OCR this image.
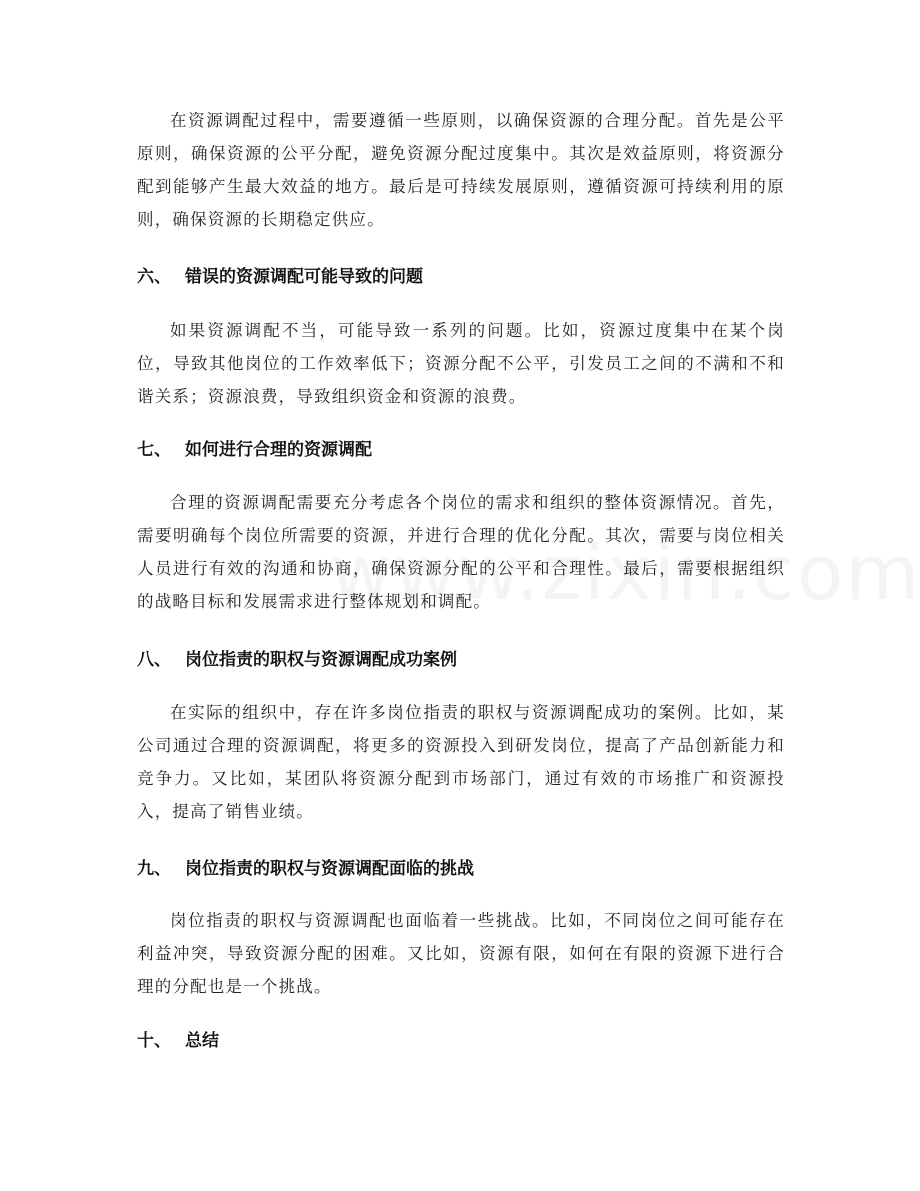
在资源调配过程中，需要遵循一些原则，以确保资源的合理分配。首先是公平原则，确保资源的公平分配，避免资源分配过度集中。其次是效益原则，将资源分配到能够产生最大效益的地方。最后是可持续发展原则，遵循资源可持续利用的原则，确保资源的长期稳定供应。

六、 错误的资源调配可能导致的问题

如果资源调配不当，可能导致一系列的问题。比如，资源过度集中在某个岗位，导致其他岗位的工作效率低下；资源分配不公平，引发员工之间的不满和不和谐关系；资源浪费，导致组织资金和资源的浪费。

七、 如何进行合理的资源调配

合理的资源调配需要充分考虑各个岗位的需求和组织的整体资源情况。首先，需要明确每个岗位所需要的资源，并进行合理的优化分配。其次，需要与岗位相关人员进行有效的沟通和协商，确保资源分配的公平和合理性。最后，需要根据组织的战略目标和发展需求进行整体规划和调配。

八、 岗位指责的职权与资源调配成功案例

在实际的组织中，存在许多岗位指责的职权与资源调配成功的案例。比如，某公司通过合理的资源调配，将更多的资源投入到研发岗位，提高了产品创新能力和竞争力。又比如，某团队将资源分配到市场部门，通过有效的市场推广和资源投入，提高了销售业绩。

九、 岗位指责的职权与资源调配面临的挑战

岗位指责的职权与资源调配也面临着一些挑战。比如，不同岗位之间可能存在利益冲突，导致资源分配的困难。又比如，资源有限，如何在有限的资源下进行合理的分配也是一个挑战。

十、 总结
